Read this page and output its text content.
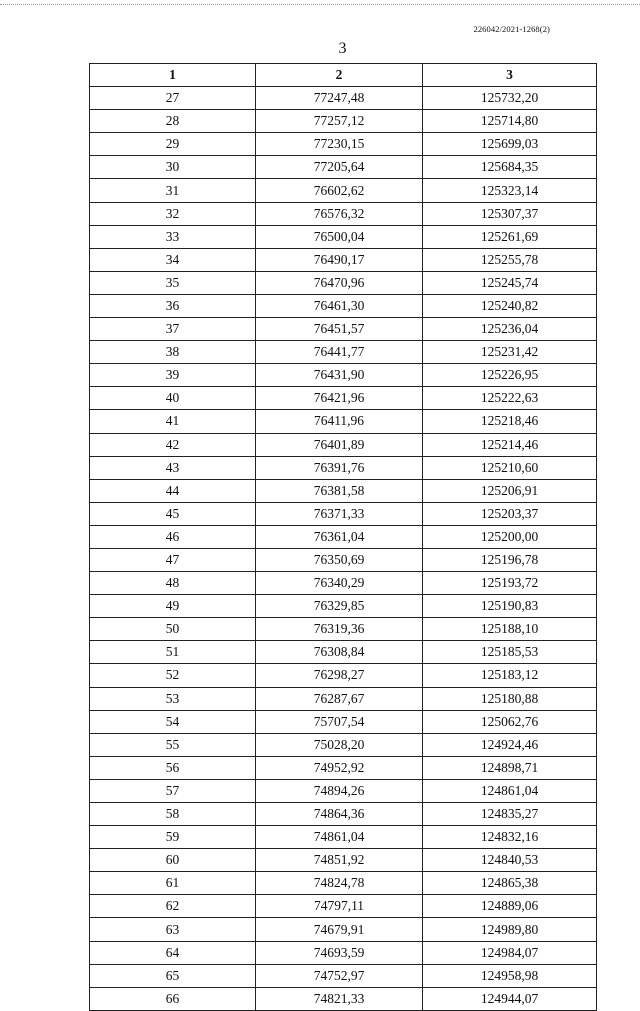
226042/2021-1268(2)
3
1	2	3
27	77247,48	125732,20
28	77257,12	125714,80
29	77230,15	125699,03
30	77205,64	125684,35
31	76602,62	125323,14
32	76576,32	125307,37
33	76500,04	125261,69
34	76490,17	125255,78
35	76470,96	125245,74
36	76461,30	125240,82
37	76451,57	125236,04
38	76441,77	125231,42
39	76431,90	125226,95
40	76421,96	125222,63
41	76411,96	125218,46
42	76401,89	125214,46
43	76391,76	125210,60
44	76381,58	125206,91
45	76371,33	125203,37
46	76361,04	125200,00
47	76350,69	125196,78
48	76340,29	125193,72
49	76329,85	125190,83
50	76319,36	125188,10
51	76308,84	125185,53
52	76298,27	125183,12
53	76287,67	125180,88
54	75707,54	125062,76
55	75028,20	124924,46
56	74952,92	124898,71
57	74894,26	124861,04
58	74864,36	124835,27
59	74861,04	124832,16
60	74851,92	124840,53
61	74824,78	124865,38
62	74797,11	124889,06
63	74679,91	124989,80
64	74693,59	124984,07
65	74752,97	124958,98
66	74821,33	124944,07
